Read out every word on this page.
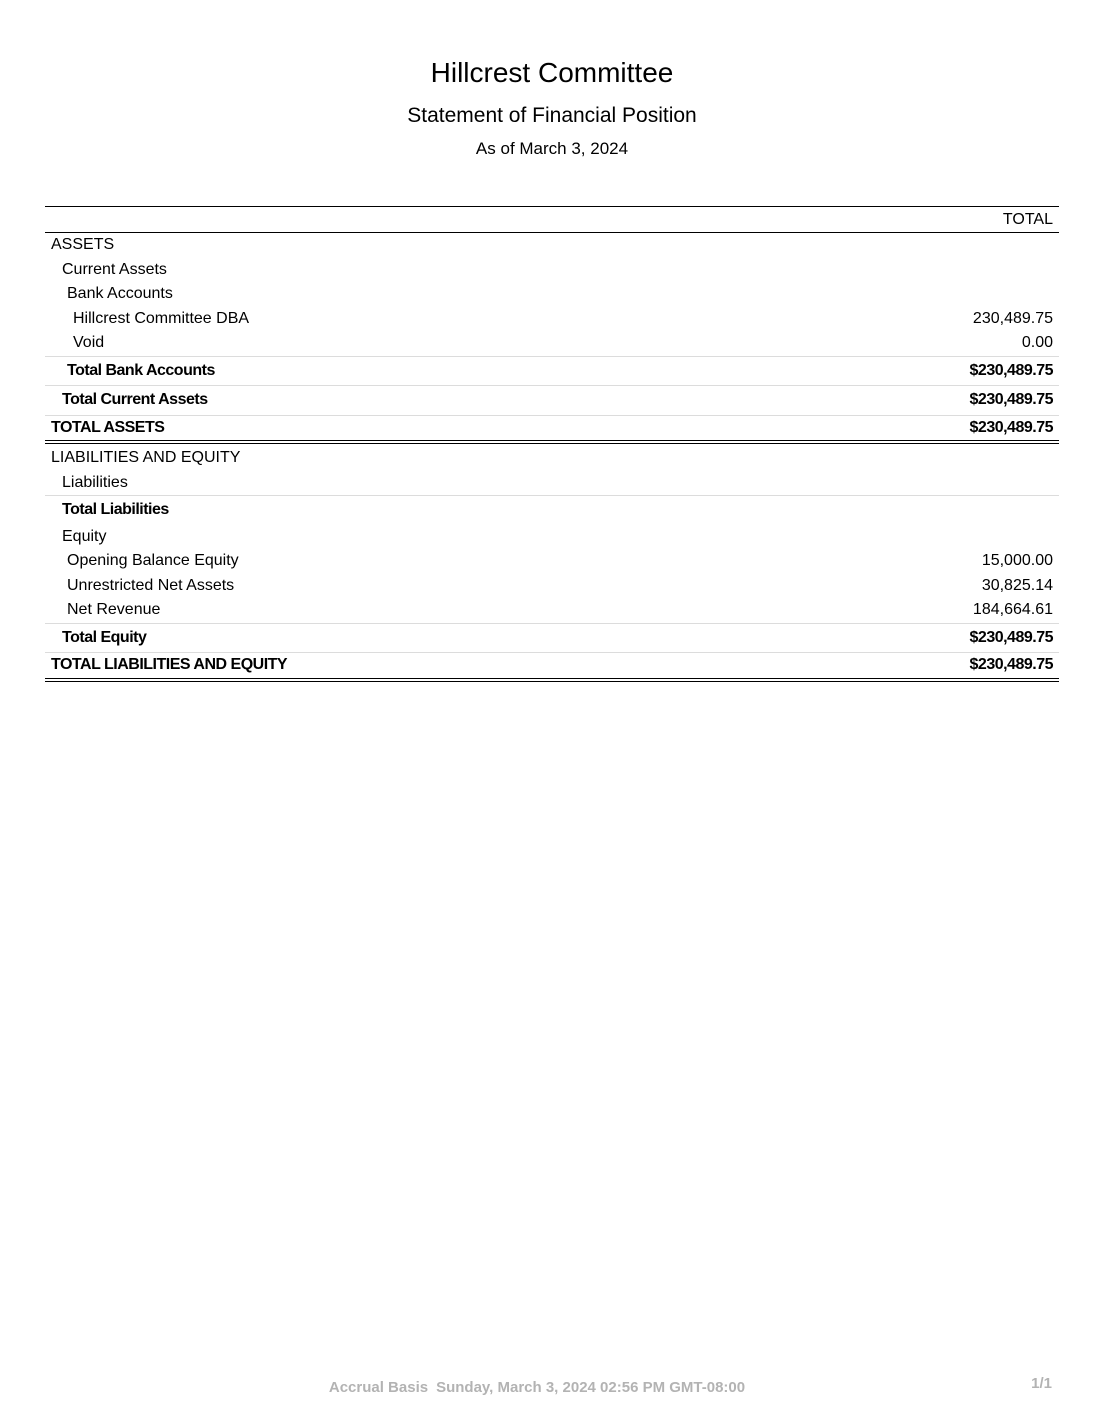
Hillcrest Committee
Statement of Financial Position
As of March 3, 2024
TOTAL
ASSETS
Current Assets
Bank Accounts
Hillcrest Committee DBA	230,489.75
Void	0.00
Total Bank Accounts	$230,489.75
Total Current Assets	$230,489.75
TOTAL ASSETS	$230,489.75
LIABILITIES AND EQUITY
Liabilities
Total Liabilities
Equity
Opening Balance Equity	15,000.00
Unrestricted Net Assets	30,825.14
Net Revenue	184,664.61
Total Equity	$230,489.75
TOTAL LIABILITIES AND EQUITY	$230,489.75
Accrual Basis Sunday, March 3, 2024 02:56 PM GMT-08:00	1/1
